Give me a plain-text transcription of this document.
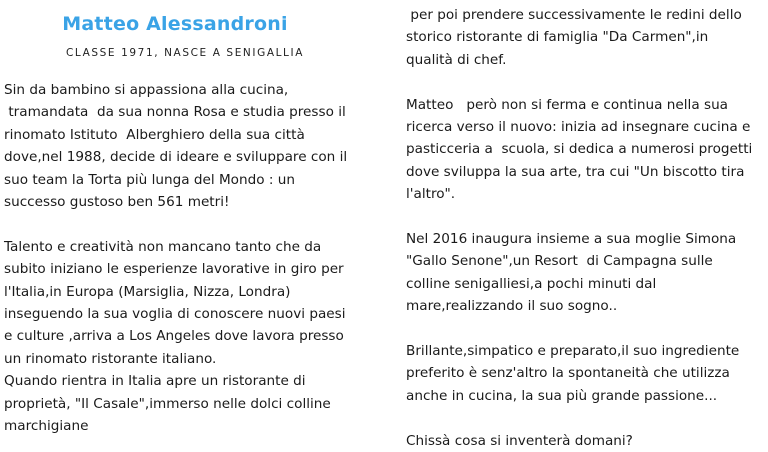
Matteo Alessandroni
CLASSE 1971, NASCE A SENIGALLIA

Sin da bambino si appassiona alla cucina,
tramandata  da sua nonna Rosa e studia presso il
rinomato Istituto  Alberghiero della sua città
dove,nel 1988, decide di ideare e sviluppare con il
suo team la Torta più lunga del Mondo : un
successo gustoso ben 561 metri!

Talento e creatività non mancano tanto che da
subito iniziano le esperienze lavorative in giro per
l'Italia,in Europa (Marsiglia, Nizza, Londra)
inseguendo la sua voglia di conoscere nuovi paesi
e culture ,arriva a Los Angeles dove lavora presso
un rinomato ristorante italiano.
Quando rientra in Italia apre un ristorante di
proprietà, "Il Casale",immerso nelle dolci colline
marchigiane

per poi prendere successivamente le redini dello
storico ristorante di famiglia "Da Carmen",in
qualità di chef.

Matteo   però non si ferma e continua nella sua
ricerca verso il nuovo: inizia ad insegnare cucina e
pasticceria a  scuola, si dedica a numerosi progetti
dove sviluppa la sua arte, tra cui "Un biscotto tira
l'altro".

Nel 2016 inaugura insieme a sua moglie Simona
"Gallo Senone",un Resort  di Campagna sulle
colline senigalliesi,a pochi minuti dal
mare,realizzando il suo sogno..

Brillante,simpatico e preparato,il suo ingrediente
preferito è senz'altro la spontaneità che utilizza
anche in cucina, la sua più grande passione...

Chissà cosa si inventerà domani?
